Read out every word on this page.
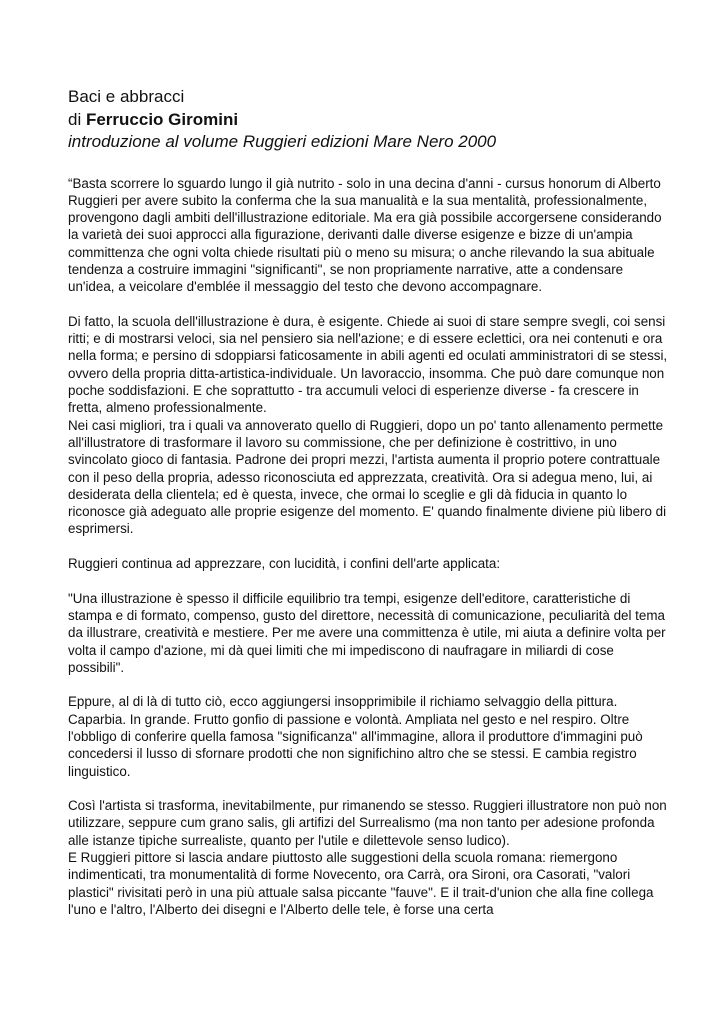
Baci e abbracci
di Ferruccio Giromini
introduzione al volume Ruggieri edizioni Mare Nero 2000

“Basta scorrere lo sguardo lungo il già nutrito - solo in una decina d'anni - cursus honorum di Alberto Ruggieri per avere subito la conferma che la sua manualità e la sua mentalità, professionalmente, provengono dagli ambiti dell'illustrazione editoriale. Ma era già possibile accorgersene considerando la varietà dei suoi approcci alla figurazione, derivanti dalle diverse esigenze e bizze di un'ampia committenza che ogni volta chiede risultati più o meno su misura; o anche rilevando la sua abituale tendenza a costruire immagini "significanti", se non propriamente narrative, atte a condensare un'idea, a veicolare d'emblée il messaggio del testo che devono accompagnare.

Di fatto, la scuola dell'illustrazione è dura, è esigente. Chiede ai suoi di stare sempre svegli, coi sensi ritti; e di mostrarsi veloci, sia nel pensiero sia nell'azione; e di essere eclettici, ora nei contenuti e ora nella forma; e persino di sdoppiarsi faticosamente in abili agenti ed oculati amministratori di se stessi, ovvero della propria ditta-artistica-individuale. Un lavoraccio, insomma. Che può dare comunque non poche soddisfazioni. E che soprattutto - tra accumuli veloci di esperienze diverse - fa crescere in fretta, almeno professionalmente.

Nei casi migliori, tra i quali va annoverato quello di Ruggieri, dopo un po' tanto allenamento permette all'illustratore di trasformare il lavoro su commissione, che per definizione è costrittivo, in uno svincolato gioco di fantasia. Padrone dei propri mezzi, l'artista aumenta il proprio potere contrattuale con il peso della propria, adesso riconosciuta ed apprezzata, creatività. Ora si adegua meno, lui, ai desiderata della clientela; ed è questa, invece, che ormai lo sceglie e gli dà fiducia in quanto lo riconosce già adeguato alle proprie esigenze del momento. E' quando finalmente diviene più libero di esprimersi.

Ruggieri continua ad apprezzare, con lucidità, i confini dell'arte applicata:

"Una illustrazione è spesso il difficile equilibrio tra tempi, esigenze dell'editore, caratteristiche di stampa e di formato, compenso, gusto del direttore, necessità di comunicazione, peculiarità del tema da illustrare, creatività e mestiere. Per me avere una committenza è utile, mi aiuta a definire volta per volta il campo d'azione, mi dà quei limiti che mi impediscono di naufragare in miliardi di cose possibili".

Eppure, al di là di tutto ciò, ecco aggiungersi insopprimibile il richiamo selvaggio della pittura. Caparbia. In grande. Frutto gonfio di passione e volontà. Ampliata nel gesto e nel respiro. Oltre l'obbligo di conferire quella famosa "significanza" all'immagine, allora il produttore d'immagini può concedersi il lusso di sfornare prodotti che non significhino altro che se stessi. E cambia registro linguistico.

Così l'artista si trasforma, inevitabilmente, pur rimanendo se stesso. Ruggieri illustratore non può non utilizzare, seppure cum grano salis, gli artifizi del Surrealismo (ma non tanto per adesione profonda alle istanze tipiche surrealiste, quanto per l'utile e dilettevole senso ludico).

E Ruggieri pittore si lascia andare piuttosto alle suggestioni della scuola romana: riemergono indimenticati, tra monumentalità di forme Novecento, ora Carrà, ora Sironi, ora Casorati, "valori plastici" rivisitati però in una più attuale salsa piccante "fauve". E il trait-d'union che alla fine collega l'uno e l'altro, l'Alberto dei disegni e l'Alberto delle tele, è forse una certa
